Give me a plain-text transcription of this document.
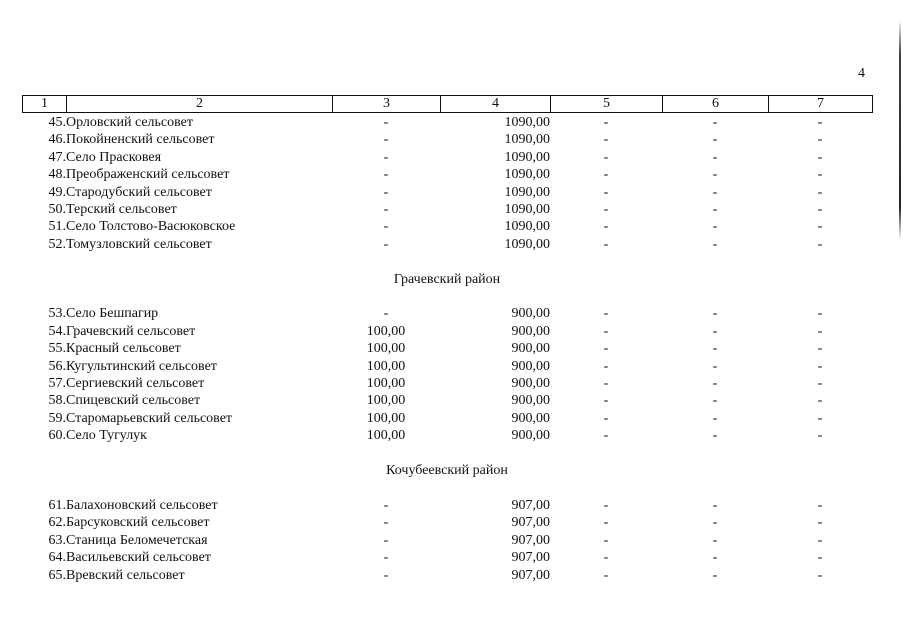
4
1	2	3	4	5	6	7
45.	Орловский сельсовет	-	1090,00	-	-	-
46.	Покойненский сельсовет	-	1090,00	-	-	-
47.	Село Прасковея	-	1090,00	-	-	-
48.	Преображенский сельсовет	-	1090,00	-	-	-
49.	Стародубский сельсовет	-	1090,00	-	-	-
50.	Терский сельсовет	-	1090,00	-	-	-
51.	Село Толстово-Васюковское	-	1090,00	-	-	-
52.	Томузловский сельсовет	-	1090,00	-	-	-

Грачевский район						

53.	Село Бешпагир	-	900,00	-	-	-
54.	Грачевский сельсовет	100,00	900,00	-	-	-
55.	Красный сельсовет	100,00	900,00	-	-	-
56.	Кугультинский сельсовет	100,00	900,00	-	-	-
57.	Сергиевский сельсовет	100,00	900,00	-	-	-
58.	Спицевский сельсовет	100,00	900,00	-	-	-
59.	Старомарьевский сельсовет	100,00	900,00	-	-	-
60.	Село Тугулук	100,00	900,00	-	-	-

Кочубеевский район						

61.	Балахоновский сельсовет	-	907,00	-	-	-
62.	Барсуковский сельсовет	-	907,00	-	-	-
63.	Станица Беломечетская	-	907,00	-	-	-
64.	Васильевский сельсовет	-	907,00	-	-	-
65.	Вревский сельсовет	-	907,00	-	-	-
